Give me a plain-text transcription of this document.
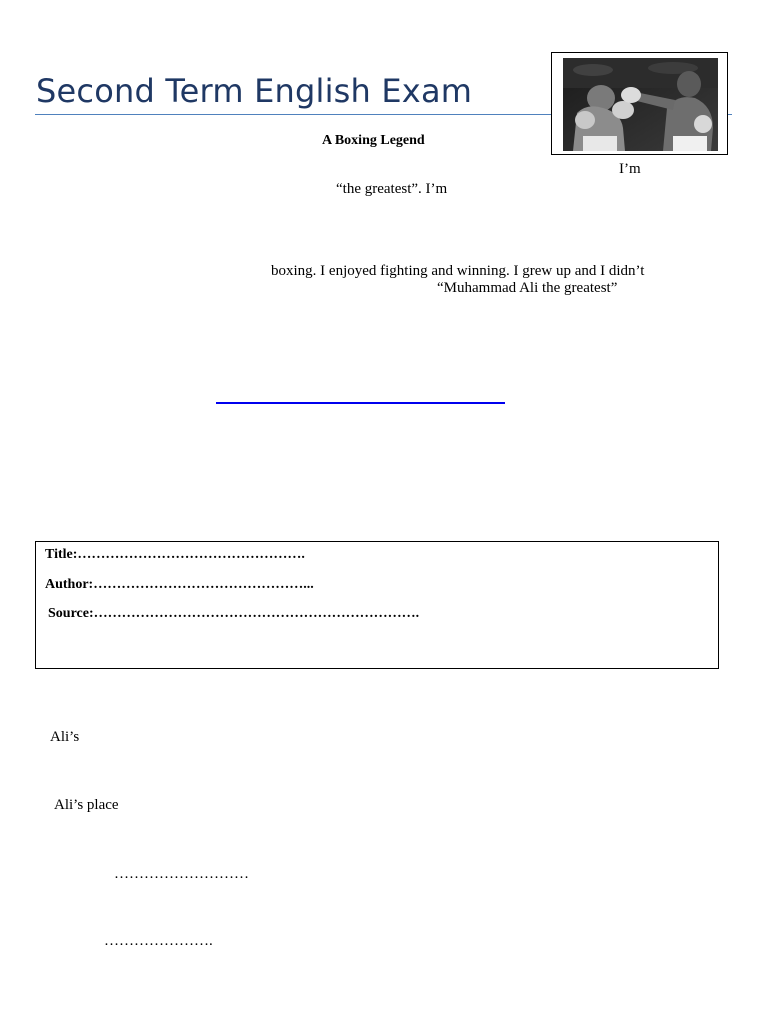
Second Term English Exam
A Boxing Legend
I’m
“the greatest”. I’m
boxing. I enjoyed fighting and winning. I grew up and I didn’t
“Muhammad Ali the greatest”
Title:………………………………………….
Author:………………………………………...
Source:…………………………………………………………….
Ali’s
Ali’s place
………………………
………………….
